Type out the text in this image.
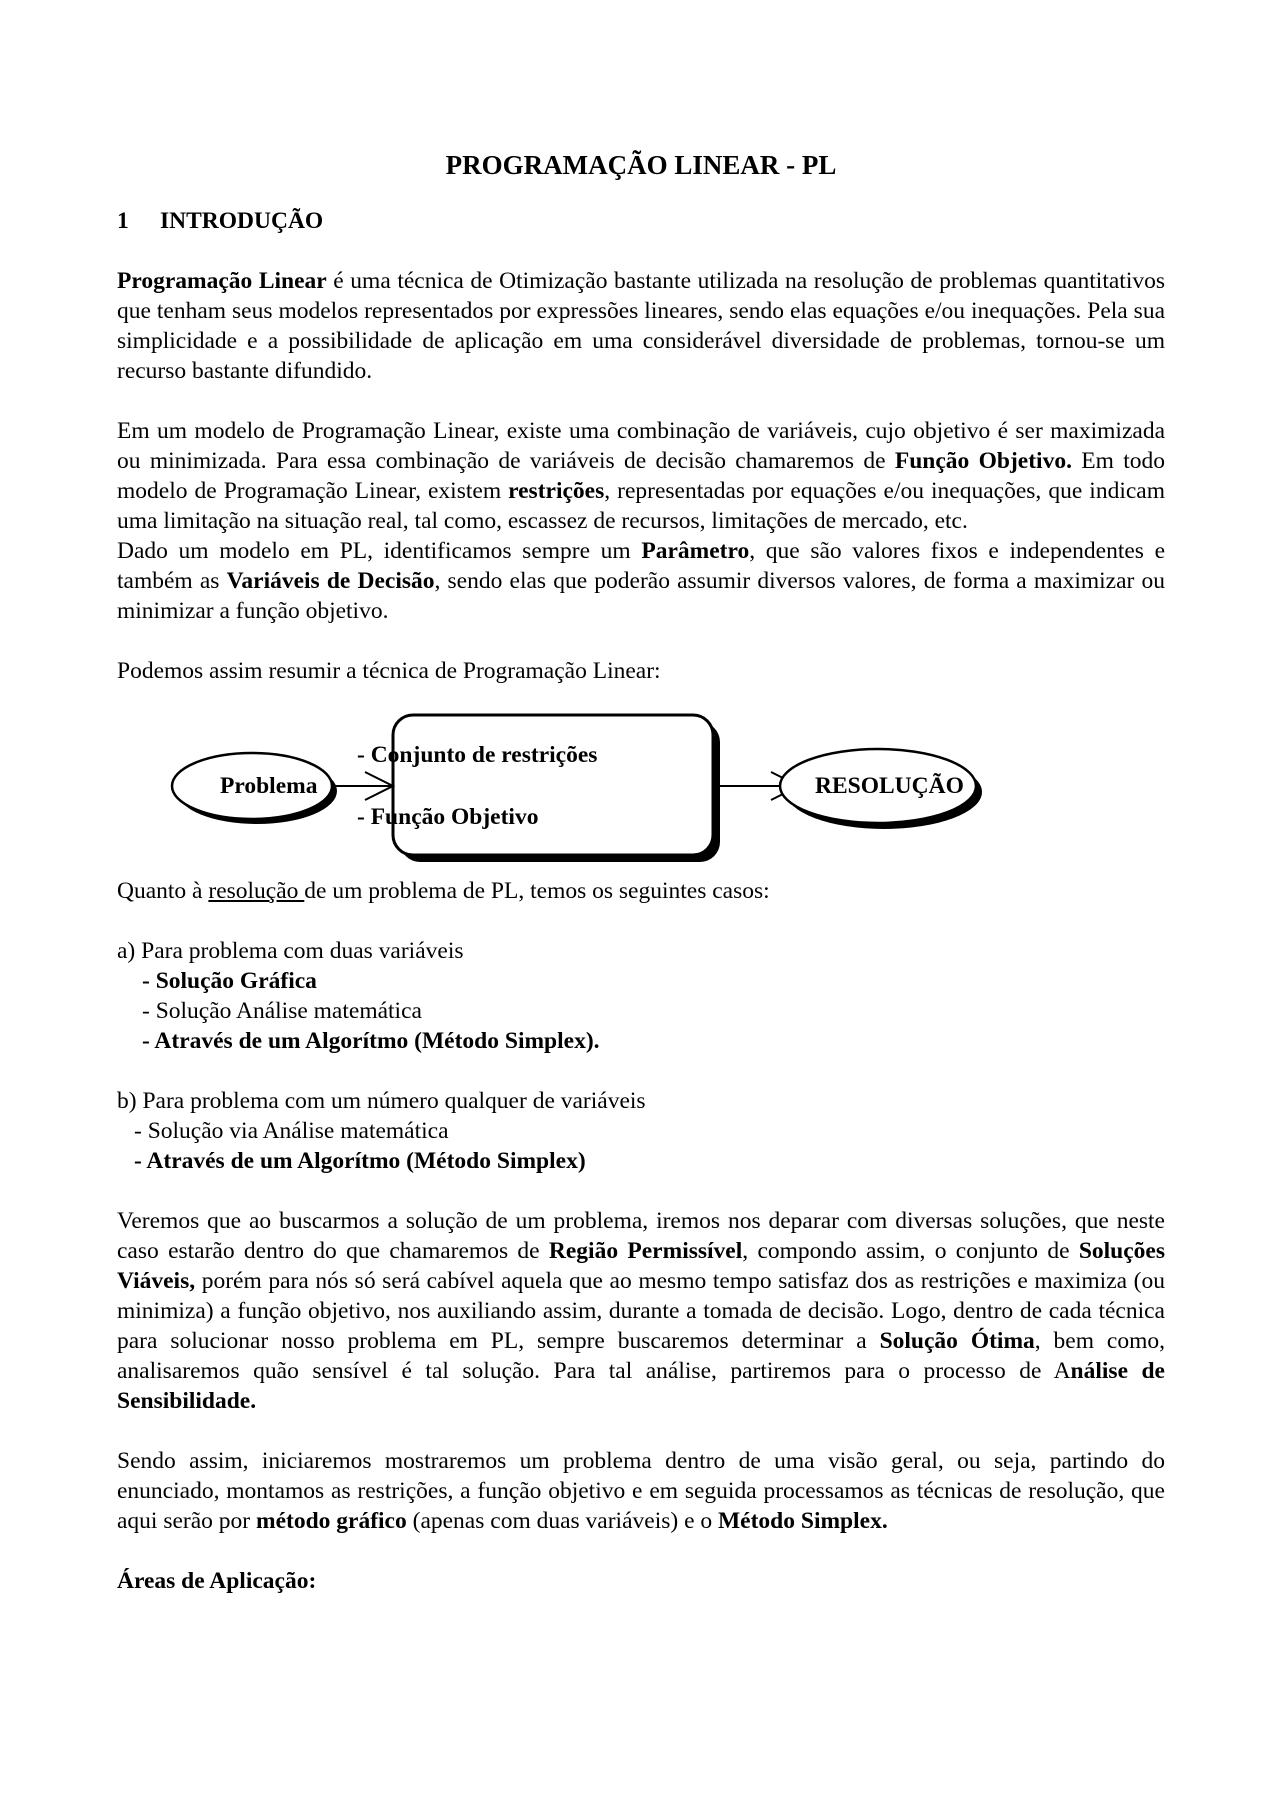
PROGRAMAÇÃO LINEAR - PL
1 INTRODUÇÃO

Programação Linear é uma técnica de Otimização bastante utilizada na resolução de problemas quantitativos que tenham seus modelos representados por expressões lineares, sendo elas equações e/ou inequações. Pela sua simplicidade e a possibilidade de aplicação em uma considerável diversidade de problemas, tornou-se um recurso bastante difundido.

Em um modelo de Programação Linear, existe uma combinação de variáveis, cujo objetivo é ser maximizada ou minimizada. Para essa combinação de variáveis de decisão chamaremos de Função Objetivo. Em todo modelo de Programação Linear, existem restrições, representadas por equações e/ou inequações, que indicam uma limitação na situação real, tal como, escassez de recursos, limitações de mercado, etc.

Dado um modelo em PL, identificamos sempre um Parâmetro, que são valores fixos e independentes e também as Variáveis de Decisão, sendo elas que poderão assumir diversos valores, de forma a maximizar ou minimizar a função objetivo.

Podemos assim resumir a técnica de Programação Linear:

Problema
- Conjunto de restrições
- Função Objetivo
RESOLUÇÃO

Quanto à resolução de um problema de PL, temos os seguintes casos:

a) Para problema com duas variáveis
- Solução Gráfica
- Solução Análise matemática
- Através de um Algorítmo (Método Simplex).
b) Para problema com um número qualquer de variáveis
- Solução via Análise matemática
- Através de um Algorítmo (Método Simplex)

Veremos que ao buscarmos a solução de um problema, iremos nos deparar com diversas soluções, que neste caso estarão dentro do que chamaremos de Região Permissível, compondo assim, o conjunto de Soluções Viáveis, porém para nós só será cabível aquela que ao mesmo tempo satisfaz dos as restrições e maximiza (ou minimiza) a função objetivo, nos auxiliando assim, durante a tomada de decisão. Logo, dentro de cada técnica para solucionar nosso problema em PL, sempre buscaremos determinar a Solução Ótima, bem como, analisaremos quão sensível é tal solução. Para tal análise, partiremos para o processo de Análise de Sensibilidade.

Sendo assim, iniciaremos mostraremos um problema dentro de uma visão geral, ou seja, partindo do enunciado, montamos as restrições, a função objetivo e em seguida processamos as técnicas de resolução, que aqui serão por método gráfico (apenas com duas variáveis) e o Método Simplex.

Áreas de Aplicação:
